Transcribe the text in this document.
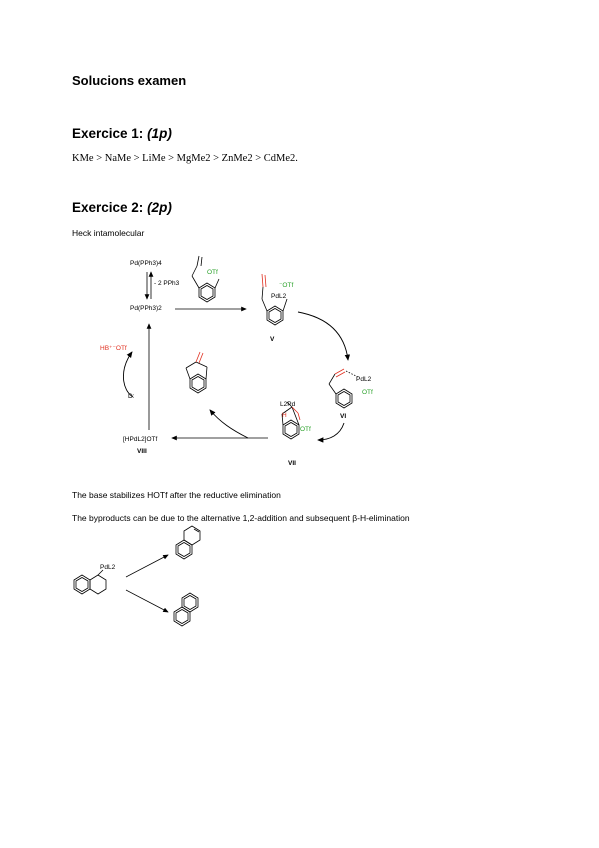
Solucions examen
Exercice 1: (1p)
KMe > NaMe > LiMe > MgMe2 > ZnMe2 > CdMe2.
Exercice 2: (2p)
Heck intamolecular
Pd(PPh3)4
- 2 PPh3
Pd(PPh3)2
OTf
⁻OTf
PdL2
V
PdL2
OTf
VI
L2Pd
H
OTf
VII
[HPdL2]OTf
VIII
D:
HB⁺⁻OTf
PdL2
The base stabilizes HOTf after the reductive elimination
The byproducts can be due to the alternative 1,2-addition and subsequent β-H-elimination
